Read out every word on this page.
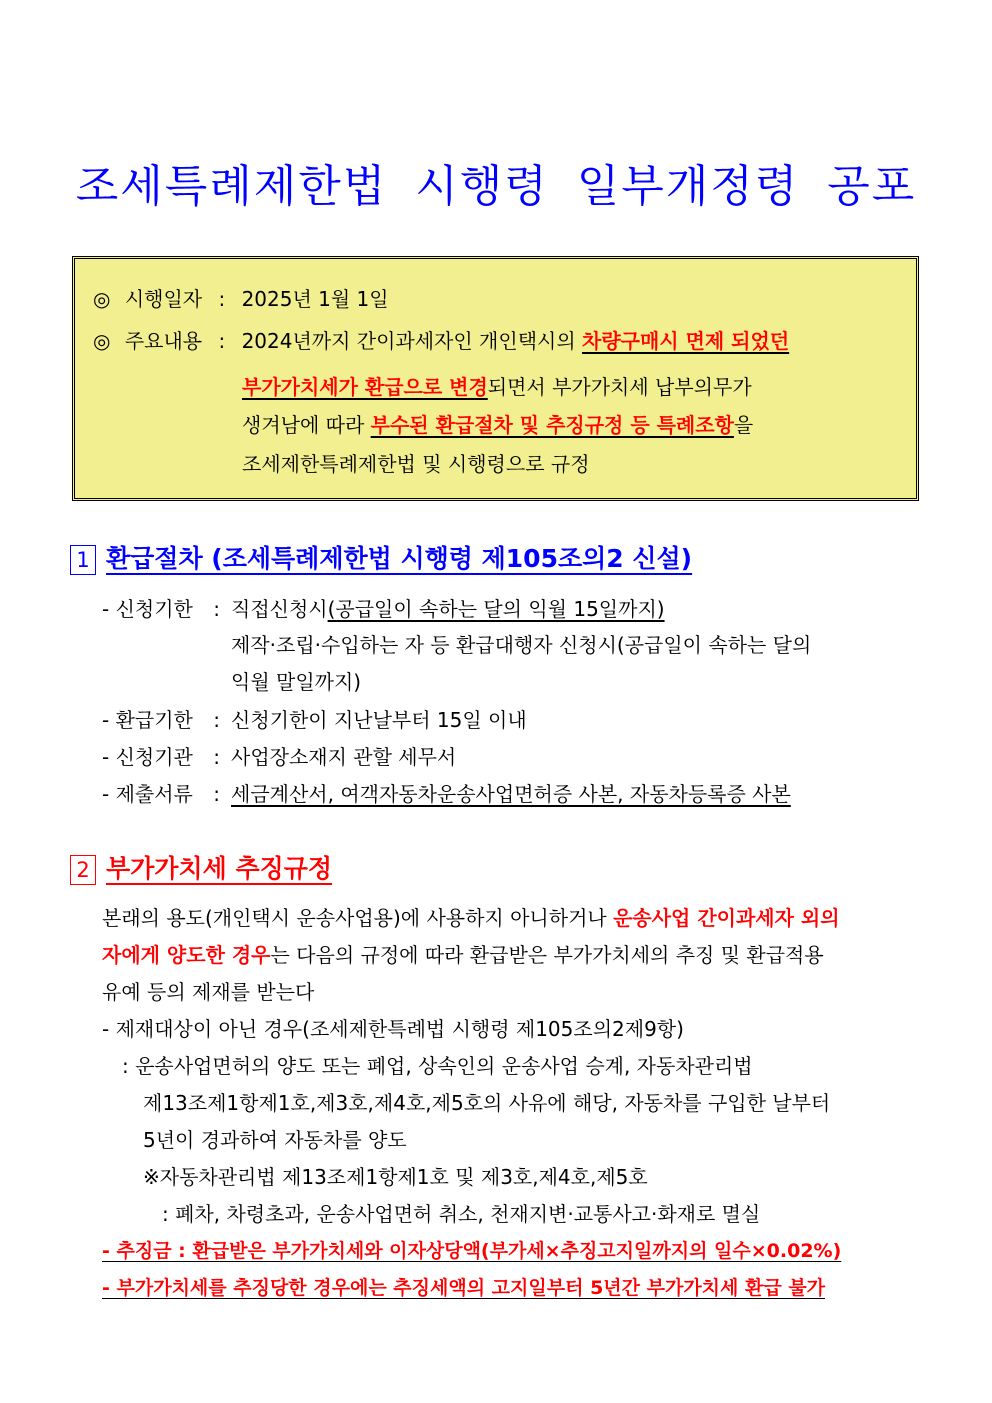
조세특례제한법 시행령 일부개정령 공포
◎ 시행일자 : 2025년 1월 1일
◎ 주요내용 : 2024년까지 간이과세자인 개인택시의 차량구매시 면제 되었던
부가가치세가 환급으로 변경되면서 부가가치세 납부의무가
생겨남에 따라 부수된 환급절차 및 추징규정 등 특례조항을
조세제한특례제한법 및 시행령으로 규정
1 환급절차 (조세특례제한법 시행령 제105조의2 신설)
- 신청기한 : 직접신청시(공급일이 속하는 달의 익월 15일까지)
제작·조립·수입하는 자 등 환급대행자 신청시(공급일이 속하는 달의
익월 말일까지)
- 환급기한 : 신청기한이 지난날부터 15일 이내
- 신청기관 : 사업장소재지 관할 세무서
- 제출서류 : 세금계산서, 여객자동차운송사업면허증 사본, 자동차등록증 사본
2 부가가치세 추징규정
본래의 용도(개인택시 운송사업용)에 사용하지 아니하거나 운송사업 간이과세자 외의
자에게 양도한 경우는 다음의 규정에 따라 환급받은 부가가치세의 추징 및 환급적용
유예 등의 제재를 받는다
- 제재대상이 아닌 경우(조세제한특례법 시행령 제105조의2제9항)
: 운송사업면허의 양도 또는 폐업, 상속인의 운송사업 승계, 자동차관리법
제13조제1항제1호,제3호,제4호,제5호의 사유에 해당, 자동차를 구입한 날부터
5년이 경과하여 자동차를 양도
※자동차관리법 제13조제1항제1호 및 제3호,제4호,제5호
: 폐차, 차령초과, 운송사업면허 취소, 천재지변·교통사고·화재로 멸실
- 추징금 : 환급받은 부가가치세와 이자상당액(부가세×추징고지일까지의 일수×0.02%)
- 부가가치세를 추징당한 경우에는 추징세액의 고지일부터 5년간 부가가치세 환급 불가
